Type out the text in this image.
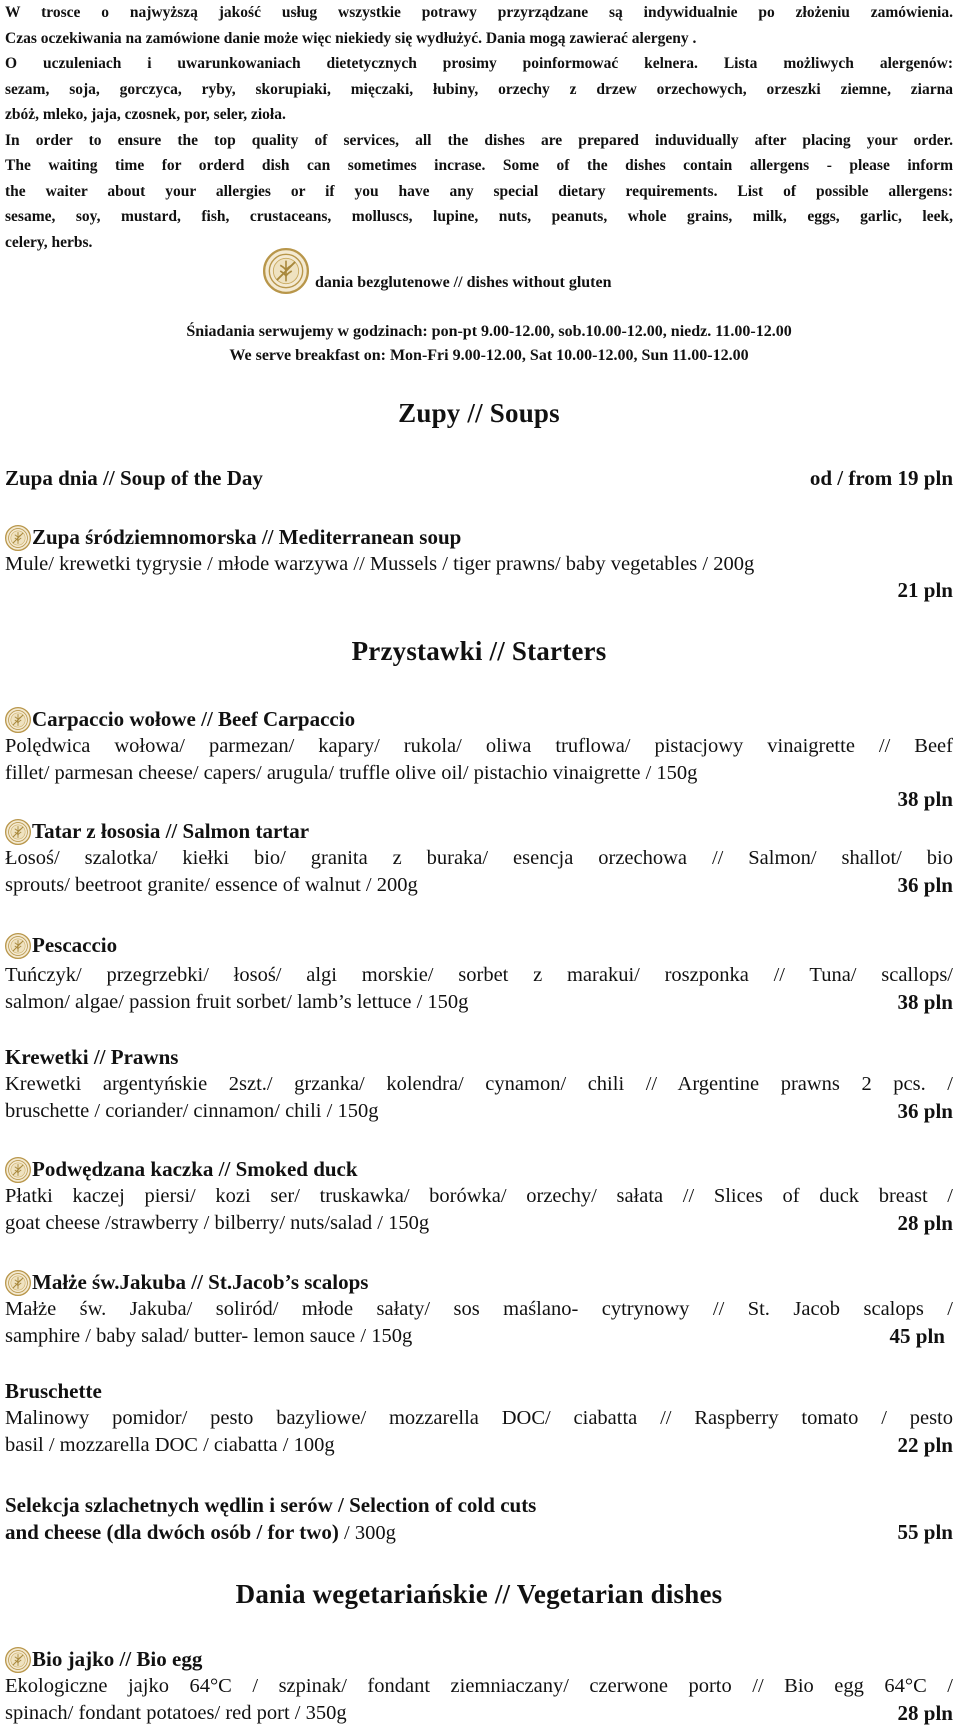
W trosce o najwyższą jakość usług wszystkie potrawy przyrządzane są indywidualnie po złożeniu zamówienia.

Czas oczekiwania na zamówione danie może więc niekiedy się wydłużyć. Dania mogą zawierać alergeny .

O uczuleniach i uwarunkowaniach dietetycznych prosimy poinformować kelnera. Lista możliwych alergenów:

sezam, soja, gorczyca, ryby, skorupiaki, mięczaki, łubiny, orzechy z drzew orzechowych, orzeszki ziemne, ziarna

zbóż, mleko, jaja, czosnek, por, seler, zioła.

In order to ensure the top quality of services, all the dishes are prepared induvidually after placing your order.

The waiting time for orderd dish can sometimes incrase. Some of the dishes contain allergens - please inform

the waiter about your allergies or if you have any special dietary requirements. List of possible allergens:

sesame, soy, mustard, fish, crustaceans, molluscs, lupine, nuts, peanuts, whole grains, milk, eggs, garlic, leek,

celery, herbs.

dania bezglutenowe // dishes without gluten
Śniadania serwujemy w godzinach: pon-pt 9.00-12.00, sob.10.00-12.00, niedz. 11.00-12.00
We serve breakfast on: Mon-Fri 9.00-12.00, Sat 10.00-12.00, Sun 11.00-12.00
Zupy // Soups
Zupa dnia // Soup of the Day	od / from 19 pln
Zupa śródziemnomorska // Mediterranean soup
Mule/ krewetki tygrysie / młode warzywa // Mussels / tiger prawns/ baby vegetables / 200g
21 pln
Przystawki // Starters
Carpaccio wołowe // Beef Carpaccio
Polędwica wołowa/ parmezan/ kapary/ rukola/ oliwa truflowa/ pistacjowy vinaigrette // Beef
fillet/ parmesan cheese/ capers/ arugula/ truffle olive oil/ pistachio vinaigrette / 150g
38 pln
Tatar z łososia // Salmon tartar
Łosoś/ szalotka/ kiełki bio/ granita z buraka/ esencja orzechowa // Salmon/ shallot/ bio
sprouts/ beetroot granite/ essence of walnut / 200g	36 pln
Pescaccio
Tuńczyk/ przegrzebki/ łosoś/ algi morskie/ sorbet z marakui/ roszponka // Tuna/ scallops/
salmon/ algae/ passion fruit sorbet/ lamb’s lettuce / 150g	38 pln
Krewetki // Prawns
Krewetki argentyńskie 2szt./ grzanka/ kolendra/ cynamon/ chili // Argentine prawns 2 pcs. /
bruschette / coriander/ cinnamon/ chili / 150g	36 pln
Podwędzana kaczka // Smoked duck
Płatki kaczej piersi/ kozi ser/ truskawka/ borówka/ orzechy/ sałata // Slices of duck breast /
goat cheese /strawberry / bilberry/ nuts/salad / 150g	28 pln
Małże św.Jakuba // St.Jacob’s scalops
Małże św. Jakuba/ soliród/ młode sałaty/ sos maślano- cytrynowy // St. Jacob scalops /
samphire / baby salad/ butter- lemon sauce / 150g	45 pln
Bruschette
Malinowy pomidor/ pesto bazyliowe/ mozzarella DOC/ ciabatta // Raspberry tomato / pesto
basil / mozzarella DOC / ciabatta / 100g	22 pln
Selekcja szlachetnych wędlin i serów / Selection of cold cuts
and cheese (dla dwóch osób / for two) / 300g	55 pln
Dania wegetariańskie // Vegetarian dishes
Bio jajko // Bio egg
Ekologiczne jajko 64°C / szpinak/ fondant ziemniaczany/ czerwone porto // Bio egg 64°C /
spinach/ fondant potatoes/ red port / 350g	28 pln
